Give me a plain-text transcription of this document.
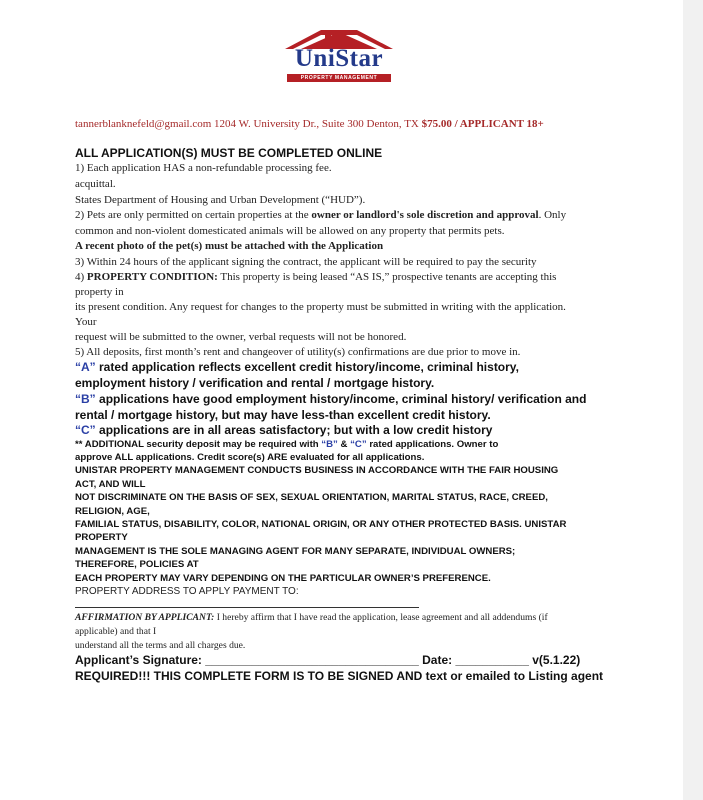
UniStar
PROPERTY MANAGEMENT
tannerblanknefeld@gmail.com 1204 W. University Dr., Suite 300 Denton, TX $75.00 / APPLICANT 18+
ALL APPLICATION(S) MUST BE COMPLETED ONLINE
1) Each application HAS a non-refundable processing fee.
acquittal.
States Department of Housing and Urban Development (“HUD”).
2) Pets are only permitted on certain properties at the owner or landlord's sole discretion and approval. Only
common and non-violent domesticated animals will be allowed on any property that permits pets.
A recent photo of the pet(s) must be attached with the Application
3) Within 24 hours of the applicant signing the contract, the applicant will be required to pay the security
4) PROPERTY CONDITION: This property is being leased “AS IS,” prospective tenants are accepting this
property in
its present condition. Any request for changes to the property must be submitted in writing with the application.
Your
request will be submitted to the owner, verbal requests will not be honored.
5) All deposits, first month’s rent and changeover of utility(s) confirmations are due prior to move in.
“A” rated application reflects excellent credit history/income, criminal history,
employment history / verification and rental / mortgage history.
“B” applications have good employment history/income, criminal history/ verification and
rental / mortgage history, but may have less-than excellent credit history.
“C” applications are in all areas satisfactory; but with a low credit history
** ADDITIONAL security deposit may be required with “B” & “C” rated applications. Owner to
approve ALL applications. Credit score(s) ARE evaluated for all applications.
UNISTAR PROPERTY MANAGEMENT CONDUCTS BUSINESS IN ACCORDANCE WITH THE FAIR HOUSING
ACT, AND WILL
NOT DISCRIMINATE ON THE BASIS OF SEX, SEXUAL ORIENTATION, MARITAL STATUS, RACE, CREED,
RELIGION, AGE,
FAMILIAL STATUS, DISABILITY, COLOR, NATIONAL ORIGIN, OR ANY OTHER PROTECTED BASIS. UNISTAR
PROPERTY
MANAGEMENT IS THE SOLE MANAGING AGENT FOR MANY SEPARATE, INDIVIDUAL OWNERS;
THEREFORE, POLICIES AT
EACH PROPERTY MAY VARY DEPENDING ON THE PARTICULAR OWNER’S PREFERENCE.
PROPERTY ADDRESS TO APPLY PAYMENT TO:
AFFIRMATION BY APPLICANT: I hereby affirm that I have read the application, lease agreement and all addendums (if
applicable) and that I
understand all the terms and all charges due.
Applicant’s Signature: ________________________________ Date: ___________ v(5.1.22)
REQUIRED!!! THIS COMPLETE FORM IS TO BE SIGNED AND text or emailed to Listing agent
